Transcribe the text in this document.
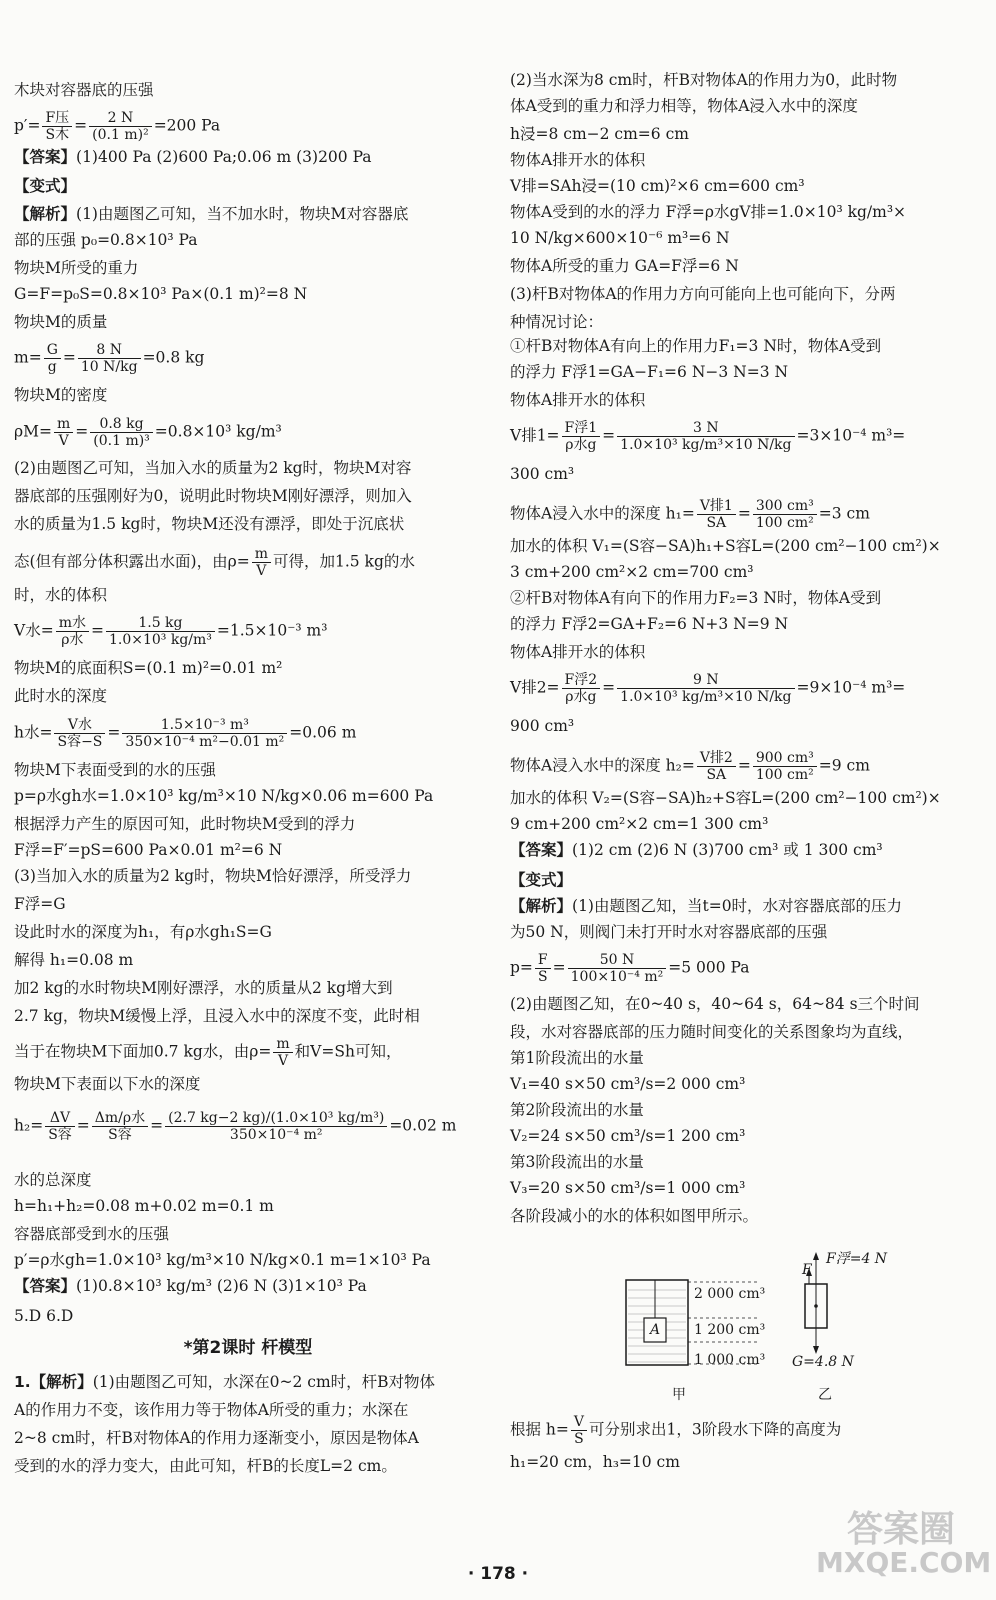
木块对容器底的压强
$p'= \frac{\text{F压}}{\text{S木}} = \frac{2 N}{\text{(0.1 m)²}} =200$ Pa
【答案】(1)400 Pa (2)600 Pa;0.06 m (3)200 Pa
【变式】
【解析】(1)由题图乙可知，当不加水时，物块M对容器底
部的压强 p₀=0.8×10³ Pa
物块M所受的重力
G=F=p₀S=0.8×10³ Pa×(0.1 m)²=8 N
物块M的质量
$m= \frac{G}{g} = \frac{8 N}{10 N/kg} =0.8$ kg
物块M的密度
$\rho M= \frac{m}{V} = \frac{0.8 kg}{\text{(0.1 m)³}} =0.8\times 10^3$ kg/m³
(2)由题图乙可知，当加入水的质量为2 kg时，物块M对容
器底部的压强刚好为0，说明此时物块M刚好漂浮，则加入
水的质量为1.5 kg时，物块M还没有漂浮，即处于沉底状
态(但有部分体积露出水面)，由$\rho= \frac{m}{V}$ 可得，加1.5 kg的水
时，水的体积
V水= $\frac{\text{m水}}{\text{ρ水}} = \frac{1.5 kg}{\text{1.0×10³ kg/m³}} =1.5\times 10^{-3}$ m³
物块M的底面积S=(0.1 m)²=0.01 m²
此时水的深度
h水= $\frac{\text{V水}}{\text{S容−S}} = \frac{\text{1.5×10⁻³ m³}}{\text{350×10⁻⁴ m²−0.01 m²}} =0.06$ m
物块M下表面受到的水的压强
p=ρ水gh水=1.0×10³ kg/m³×10 N/kg×0.06 m=600 Pa
根据浮力产生的原因可知，此时物块M受到的浮力
F浮=F′=pS=600 Pa×0.01 m²=6 N
(3)当加入水的质量为2 kg时，物块M恰好漂浮，所受浮力
F浮=G
设此时水的深度为h₁，有ρ水gh₁S=G
解得 h₁=0.08 m
加2 kg的水时物块M刚好漂浮，水的质量从2 kg增大到
2.7 kg，物块M缓慢上浮，且浸入水中的深度不变，此时相
当于在物块M下面加0.7 kg水，由$\rho= \frac{m}{V}$ 和V=Sh可知，
物块M下表面以下水的深度
$h_2= \frac{\Delta V}{\text{S容}} = \frac{\text{Δm/ρ水}}{\text{S容}} = \frac{\text{(2.7 kg−2 kg)/(1.0×10³ kg/m³)}}{\text{350×10⁻⁴ m²}} =0.02$ m
水的总深度
h=h₁+h₂=0.08 m+0.02 m=0.1 m
容器底部受到水的压强
p′=ρ水gh=1.0×10³ kg/m³×10 N/kg×0.1 m=1×10³ Pa
【答案】(1)0.8×10³ kg/m³ (2)6 N (3)1×10³ Pa
5.D 6.D
*第2课时 杆模型
1.【解析】(1)由题图乙可知，水深在0~2 cm时，杆B对物体
A的作用力不变，该作用力等于物体A所受的重力；水深在
2~8 cm时，杆B对物体A的作用力逐渐变小，原因是物体A
受到的水的浮力变大，由此可知，杆B的长度L=2 cm。
(2)当水深为8 cm时，杆B对物体A的作用力为0，此时物
体A受到的重力和浮力相等，物体A浸入水中的深度
h浸=8 cm−2 cm=6 cm
物体A排开水的体积
V排=SAh浸=(10 cm)²×6 cm=600 cm³
物体A受到的水的浮力 F浮=ρ水gV排=1.0×10³ kg/m³×
10 N/kg×600×10⁻⁶ m³=6 N
物体A所受的重力 GA=F浮=6 N
(3)杆B对物体A的作用力方向可能向上也可能向下，分两
种情况讨论：
①杆B对物体A有向上的作用力F₁=3 N时，物体A受到
的浮力 F浮1=GA−F₁=6 N−3 N=3 N
物体A排开水的体积
V排$1= \frac{\text{F浮1}}{\text{ρ水g}} = \frac{3 N}{\text{1.0×10³ kg/m³×10 N/kg}} =3\times 10^{-4}$ m³=
300 cm³
物体A浸入水中的深度 $h_1= \frac{\text{V排1}}{SA} = \frac{\text{300 cm³}}{\text{100 cm²}} =3$ cm
加水的体积 V₁=(S容−SA)h₁+S容L=(200 cm²−100 cm²)×
3 cm+200 cm²×2 cm=700 cm³
②杆B对物体A有向下的作用力F₂=3 N时，物体A受到
的浮力 F浮2=GA+F₂=6 N+3 N=9 N
物体A排开水的体积
V排$2= \frac{\text{F浮2}}{\text{ρ水g}} = \frac{9 N}{\text{1.0×10³ kg/m³×10 N/kg}} =9\times 10^{-4}$ m³=
900 cm³
物体A浸入水中的深度 $h_2= \frac{\text{V排2}}{SA} = \frac{\text{900 cm³}}{\text{100 cm²}} =9$ cm
加水的体积 V₂=(S容−SA)h₂+S容L=(200 cm²−100 cm²)×
9 cm+200 cm²×2 cm=1 300 cm³
【答案】(1)2 cm (2)6 N (3)700 cm³ 或 1 300 cm³
【变式】
【解析】(1)由题图乙知，当t=0时，水对容器底部的压力
为50 N，则阀门未打开时水对容器底部的压强
$p= \frac{F}{S} = \frac{50 N}{\text{100×10⁻⁴ m²}} =5$ 000 Pa
(2)由题图乙知，在0~40 s，40~64 s，64~84 s三个时间
段，水对容器底部的压力随时间变化的关系图象均为直线，
第1阶段流出的水量
V₁=40 s×50 cm³/s=2 000 cm³
第2阶段流出的水量
V₂=24 s×50 cm³/s=1 200 cm³
第3阶段流出的水量
V₃=20 s×50 cm³/s=1 000 cm³
各阶段减小的水的体积如图甲所示。
根据 $h= \frac{V}{S}$ 可分别求出1，3阶段水下降的高度为
h₁=20 cm，h₃=10 cm
2 000 cm³
1 200 cm³
1 000 cm³
A
甲
F浮=4 N
F
G=4.8 N
乙
· 178 ·
答案圈
MXQE.COM
